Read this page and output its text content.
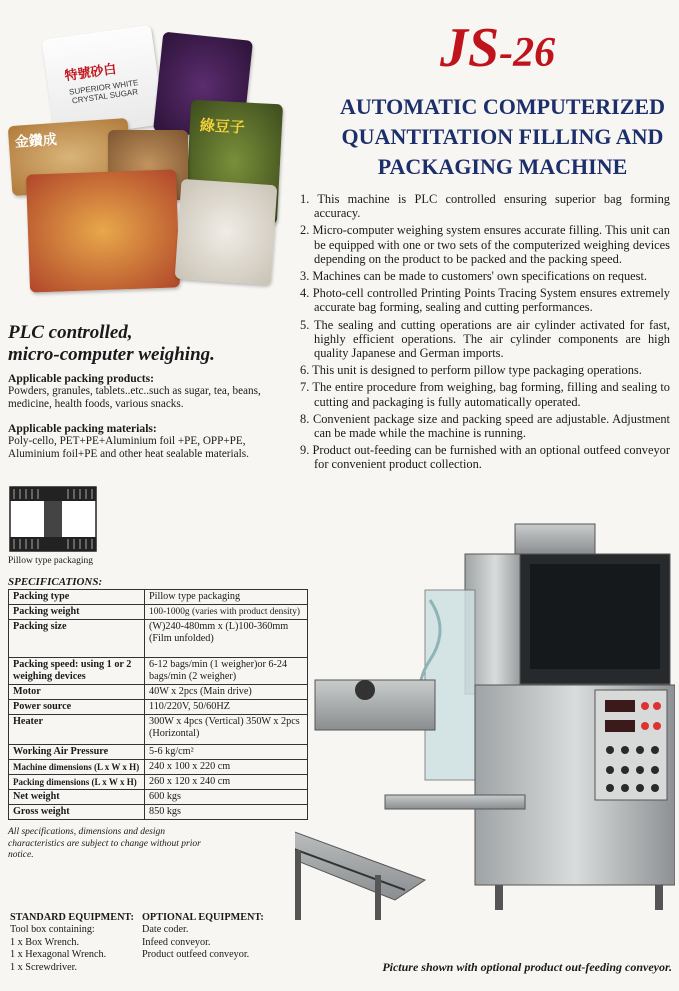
特號砂白
SUPERIOR WHITE CRYSTAL SUGAR
金鑽成
綠豆子
JS-26
AUTOMATIC COMPUTERIZED
QUANTITATION FILLING AND
PACKAGING MACHINE
1. This machine is PLC controlled ensuring superior bag forming accuracy.
2. Micro-computer weighing system ensures accurate filling. This unit can be equipped with one or two sets of the computerized weighing devices depending on the product to be packed and the packing speed.
3. Machines can be made to customers' own specifications on request.
4. Photo-cell controlled Printing Points Tracing System ensures extremely accurate bag forming, sealing and cutting performances.
5. The sealing and cutting operations are air cylinder activated for fast, highly efficient operations. The air cylinder components are high quality Japanese and German imports.
6. This unit is designed to perform pillow type packaging operations.
7. The entire procedure from weighing, bag forming, filling and sealing to cutting and packaging is fully automatically operated.
8. Convenient package size and packing speed are adjustable. Adjustment can be made while the machine is running.
9. Product out-feeding can be furnished with an optional outfeed conveyor for convenient product collection.
PLC controlled,
micro-computer weighing.
Applicable packing products:
Powders, granules, tablets..etc..such as sugar, tea, beans, medicine, health foods, various snacks.
Applicable packing materials:
Poly-cello, PET+PE+Aluminium foil +PE, OPP+PE, Aluminium foil+PE and other heat sealable materials.
Pillow type packaging
SPECIFICATIONS:
Packing type	Pillow type packaging
Packing weight	100-1000g (varies with product density)
Packing size	(W)240-480mm x (L)100-360mm (Film unfolded)
Packing speed: using 1 or 2 weighing devices	6-12 bags/min (1 weigher)or 6-24 bags/min (2 weigher)
Motor	40W x 2pcs (Main drive)
Power source	110/220V, 50/60HZ
Heater	300W x 4pcs (Vertical) 350W x 2pcs (Horizontal)
Working Air Pressure	5-6 kg/cm²
Machine dimensions (L x W x H)	240 x 100 x 220 cm
Packing dimensions (L x W x H)	260 x 120 x 240 cm
Net weight	600 kgs
Gross weight	850 kgs
All specifications, dimensions and design characteristics are subject to change without prior notice.
STANDARD EQUIPMENT:
Tool box containing:
1 x Box Wrench.
1 x Hexagonal Wrench.
1 x Screwdriver.
OPTIONAL EQUIPMENT:
Date coder.
Infeed conveyor.
Product outfeed conveyor.
Picture shown with optional product out-feeding conveyor.
